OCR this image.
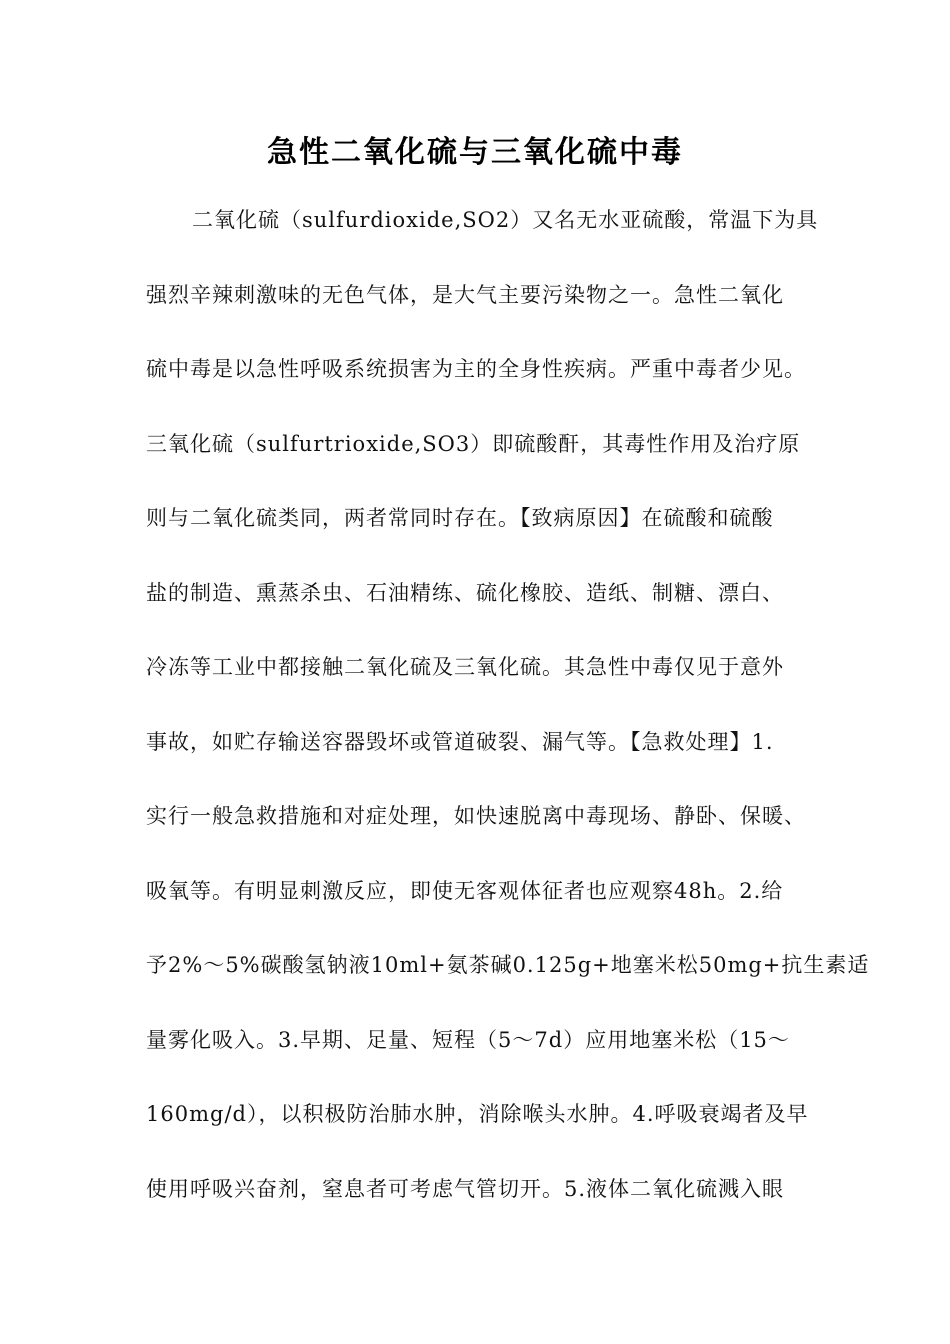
急性二氧化硫与三氧化硫中毒

二氧化硫（sulfurdioxide,SO2）又名无水亚硫酸，常温下为具

强烈辛辣刺激味的无色气体，是大气主要污染物之一。急性二氧化

硫中毒是以急性呼吸系统损害为主的全身性疾病。严重中毒者少见。

三氧化硫（sulfurtrioxide,SO3）即硫酸酐，其毒性作用及治疗原

则与二氧化硫类同，两者常同时存在。【致病原因】在硫酸和硫酸

盐的制造、熏蒸杀虫、石油精练、硫化橡胶、造纸、制糖、漂白、

冷冻等工业中都接触二氧化硫及三氧化硫。其急性中毒仅见于意外

事故，如贮存输送容器毁坏或管道破裂、漏气等。【急救处理】1.

实行一般急救措施和对症处理，如快速脱离中毒现场、静卧、保暖、

吸氧等。有明显刺激反应，即使无客观体征者也应观察48h。2.给

予2%～5%碳酸氢钠液10ml+氨茶碱0.125g+地塞米松50mg+抗生素适

量雾化吸入。3.早期、足量、短程（5～7d）应用地塞米松（15～

160mg/d），以积极防治肺水肿，消除喉头水肿。4.呼吸衰竭者及早

使用呼吸兴奋剂，窒息者可考虑气管切开。5.液体二氧化硫溅入眼
